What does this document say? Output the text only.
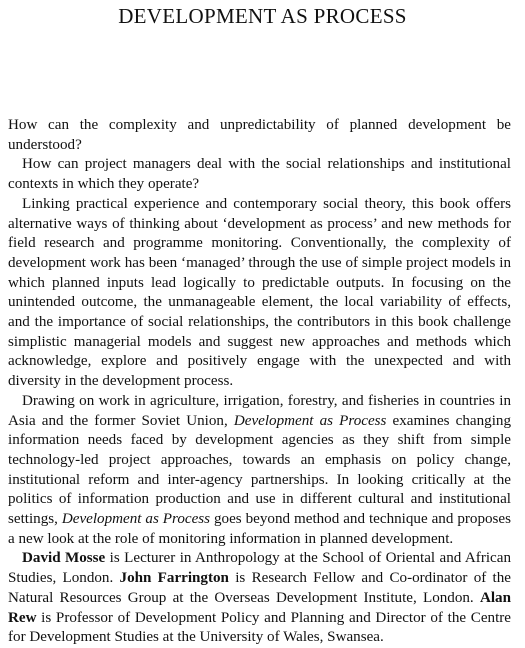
DEVELOPMENT AS PROCESS

How can the complexity and unpredictability of planned development be understood?

How can project managers deal with the social relationships and institutional contexts in which they operate?

Linking practical experience and contemporary social theory, this book offers alternative ways of thinking about ‘development as process’ and new methods for field research and programme monitoring. Conventionally, the complexity of development work has been ‘managed’ through the use of simple project models in which planned inputs lead logically to predictable outputs. In focusing on the unintended outcome, the unmanageable element, the local variability of effects, and the importance of social relationships, the contributors in this book challenge simplistic managerial models and suggest new approaches and methods which acknowledge, explore and positively engage with the unexpected and with diversity in the development process.

Drawing on work in agriculture, irrigation, forestry, and fisheries in countries in Asia and the former Soviet Union, Development as Process examines changing information needs faced by development agencies as they shift from simple technology-led project approaches, towards an emphasis on policy change, institutional reform and inter-agency partnerships. In looking critically at the politics of information production and use in different cultural and institutional settings, Development as Process goes beyond method and technique and proposes a new look at the role of monitoring information in planned development.

David Mosse is Lecturer in Anthropology at the School of Oriental and African Studies, London. John Farrington is Research Fellow and Co-ordinator of the Natural Resources Group at the Overseas Development Institute, London. Alan Rew is Professor of Development Policy and Planning and Director of the Centre for Development Studies at the University of Wales, Swansea.
